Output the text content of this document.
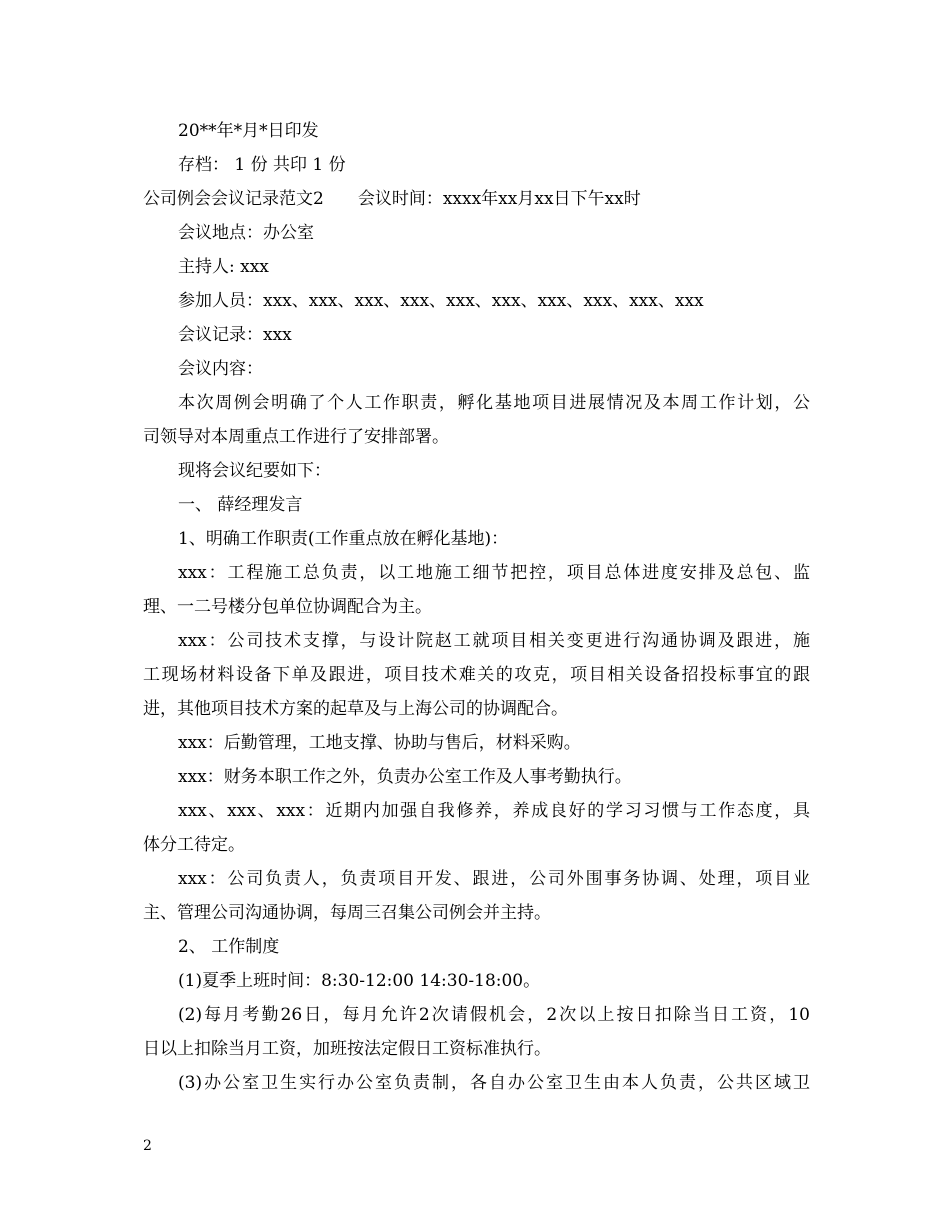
20**年*月*日印发
存档： 1 份 共印 1 份
公司例会会议记录范文2 会议时间：xxxx年xx月xx日下午xx时
会议地点：办公室
主持人: xxx
参加人员：xxx、xxx、xxx、xxx、xxx、xxx、xxx、xxx、xxx、xxx
会议记录：xxx
会议内容：
本次周例会明确了个人工作职责，孵化基地项目进展情况及本周工作计划，公
司领导对本周重点工作进行了安排部署。
现将会议纪要如下：
一、 薛经理发言
1、明确工作职责(工作重点放在孵化基地)：
xxx：工程施工总负责，以工地施工细节把控，项目总体进度安排及总包、监
理、一二号楼分包单位协调配合为主。
xxx：公司技术支撑，与设计院赵工就项目相关变更进行沟通协调及跟进，施
工现场材料设备下单及跟进，项目技术难关的攻克，项目相关设备招投标事宜的跟
进，其他项目技术方案的起草及与上海公司的协调配合。
xxx：后勤管理，工地支撑、协助与售后，材料采购。
xxx：财务本职工作之外，负责办公室工作及人事考勤执行。
xxx、xxx、xxx：近期内加强自我修养，养成良好的学习习惯与工作态度，具
体分工待定。
xxx：公司负责人，负责项目开发、跟进，公司外围事务协调、处理，项目业
主、管理公司沟通协调，每周三召集公司例会并主持。
2、 工作制度
(1)夏季上班时间：8:30-12:00 14:30-18:00。
(2)每月考勤26日，每月允许2次请假机会，2次以上按日扣除当日工资，10
日以上扣除当月工资，加班按法定假日工资标准执行。
(3)办公室卫生实行办公室负责制，各自办公室卫生由本人负责，公共区域卫
2
